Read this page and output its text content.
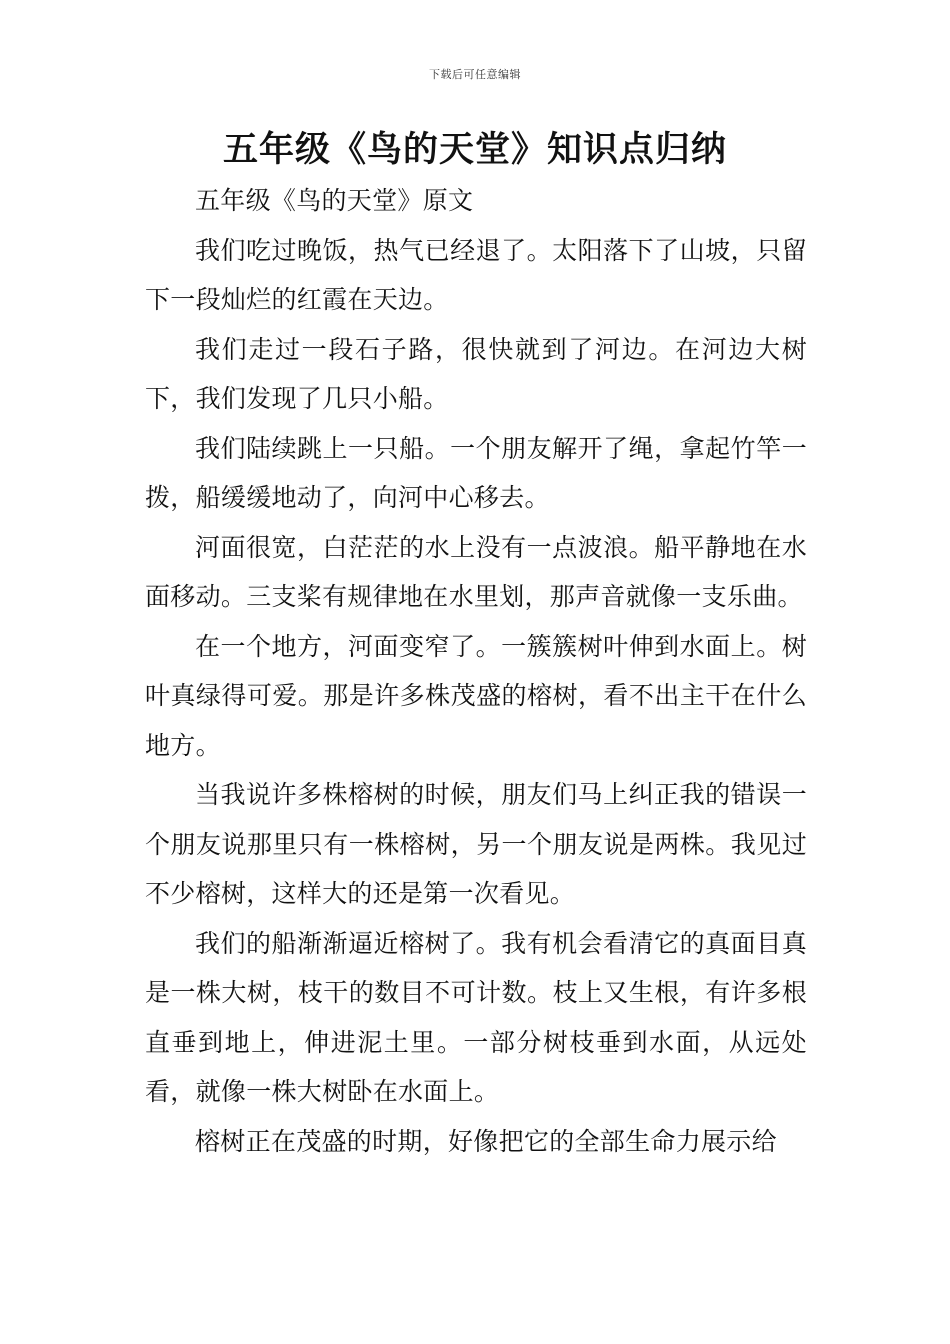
下载后可任意编辑
五年级《鸟的天堂》知识点归纳

五年级《鸟的天堂》原文

我们吃过晚饭，热气已经退了。太阳落下了山坡，只留下一段灿烂的红霞在天边。

我们走过一段石子路，很快就到了河边。在河边大树下，我们发现了几只小船。

我们陆续跳上一只船。一个朋友解开了绳，拿起竹竿一拨，船缓缓地动了，向河中心移去。

河面很宽，白茫茫的水上没有一点波浪。船平静地在水面移动。三支桨有规律地在水里划，那声音就像一支乐曲。

在一个地方，河面变窄了。一簇簇树叶伸到水面上。树叶真绿得可爱。那是许多株茂盛的榕树，看不出主干在什么地方。

当我说许多株榕树的时候，朋友们马上纠正我的错误一个朋友说那里只有一株榕树，另一个朋友说是两株。我见过不少榕树，这样大的还是第一次看见。

我们的船渐渐逼近榕树了。我有机会看清它的真面目真是一株大树，枝干的数目不可计数。枝上又生根，有许多根直垂到地上，伸进泥土里。一部分树枝垂到水面，从远处看，就像一株大树卧在水面上。

榕树正在茂盛的时期，好像把它的全部生命力展示给
